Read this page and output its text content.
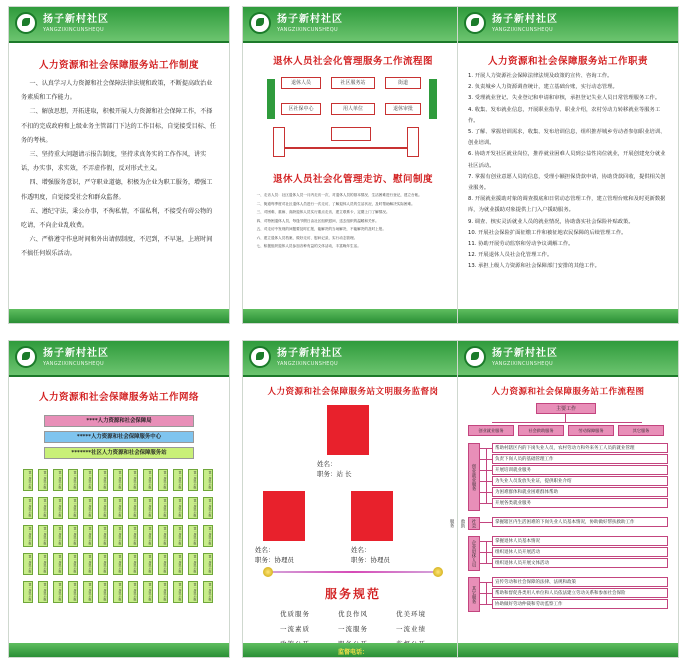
扬子新村社区
YANGZIXINCUNSHEQU
人力资源和社会保障服务站工作制度

一、认真学习人力资源和社会保障法律法规和政策，不断提高政治业务素质和工作能力。

二、解放思想，开拓进取，积极开展人力资源和社会保障工作，不择不扣的完成政府和上级业务主管部门下达的工作目标，自觉接受目标、任务的考核。

三、坚持重大问题请示报告制度，坚持求真务实的工作作风，讲实话，办实事，求实效，不弄虚作假，反对形式主义。

四、增强服务意识，严守职业道德，积极为企业为职工服务，增强工作透明度，自觉接受社会和群众监督。

五、遵纪守法，秉公办事，不徇私情，不谋私利，不接受有碍公物的吃请，不向企业乱收费。

六、严格遵守作息时间和外出请假制度，不迟到，不早退，上班时间不搞任何娱乐活动。

扬子新村社区
YANGZIXINCUNSHEQU
退休人员社会化管理服务工作流程图
退休人员	社区服务站	街道
区社保中心	用人单位	退休审批
退休人员社会化管理走访、慰问制度

一、走访人员：社区退休人员一月内走访一次，对退休人员的基本情况、生活困难进行登记，建立台帐。

二、街道每季度对社区退休人员进行一次走访，了解退休人员的生活状况，及时帮助解决实际困难。

三、对困难、重病、高龄退休人员实行重点走访，建立联系卡，定期上门了解情况。

四、对特困退休人员，每逢节假日由社区组织慰问，送去组织的温暖和关怀。

五、对走访中发现的问题要及时汇报，能解决的当场解决，不能解决的及时上报。

六、建立退休人员档案，做好走访、慰问记录，实行动态管理。

七、积极组织退休人员参加各种有益的文体活动，丰富晚年生活。

扬子新村社区
YANGZIXINCUNSHEQU
人力资源和社会保障服务站工作职责

1. 开展人力资源社会保障法律法规及政策的宣传、咨询工作。

2. 负责城乡人力资源调查统计，建立基础台账，实行动态管理。

3. 受理就业登记、失业登记和申请和审核，承担登记失业人员日常管理服务工作。

4. 收集、发布就业信息，开展职业指导、职业介绍，农村劳动力转移就业等服务工作。

5. 了解、掌握培训需求，收集、发布培训信息，组织推荐城乡劳动者参加职业培训、创业培训。

6. 协助开发社区就业岗位，推荐就业困难人员到公益性岗位就业，开展创建充分就业社区活动。

7. 掌握有创业意愿人员的信息，受理小额担保贷款申请，协助贷款回收，提供相关创业服务。

8. 开展就业援助对象的调查摸底和日常动态管理工作，建立管理台账和及时更新数据库，为就业援助对象提供上门入户援助服务。

9. 调查、核实灵活就业人员的就业情况，协助落实社会保险补贴政策。

10. 开展社会保险扩面征缴工作和被征地农民保障的后续管理工作。

11. 协助开展劳动监察和劳动争议调解工作。

12. 开展退休人员社会化管理工作。

13. 承担上级人力资源和社会保障部门安排的其他工作。

扬子新村社区
YANGZIXINCUNSHEQU
人力资源和社会保障服务站工作网络
****人力资源和社会保障局
*****人力资源和社会保障服务中心
*******社区人力资源和社会保障服务站
第一居民小组
第一居民小组
第一居民小组
第一居民小组
第一居民小组
第一居民小组
第一居民小组
第一居民小组
第一居民小组
第一居民小组
第一居民小组
第一居民小组
第一居民小组
第一居民小组
第一居民小组
第一居民小组
第一居民小组
第一居民小组
第一居民小组
第一居民小组
第一居民小组
第一居民小组
第一居民小组
第一居民小组
第一居民小组
第一居民小组
第一居民小组
第一居民小组
第一居民小组
第一居民小组
第一居民小组
第一居民小组
第一居民小组
第一居民小组
第一居民小组
第一居民小组
第一居民小组
第一居民小组
第一居民小组
第一居民小组
第一居民小组
第一居民小组
第一居民小组
第一居民小组
第一居民小组
第一居民小组
第一居民小组
第一居民小组
第一居民小组
第一居民小组
第一居民小组
第一居民小组
第一居民小组
第一居民小组
第一居民小组
第一居民小组
第一居民小组
第一居民小组
第一居民小组
第一居民小组
第一居民小组
第一居民小组
第一居民小组
第一居民小组
第一居民小组
扬子新村社区
YANGZIXINCUNSHEQU
人力资源和社会保障服务站文明服务监督岗
姓名：
职务：站 长
姓名：
职务：协理员
姓名：
职务：协理员
服务规范
优质服务	优良作风	优美环境
一流素质	一流服务	一流业绩
监督电话：
扬子新村社区
YANGZIXINCUNSHEQU
人力资源和社会保障服务站工作流程图
主要工作
创业就业服务	社会救助服务	劳动保障服务	其它服务
创业就业服务
帮助村辖区内的下岗失业人员，农村劳动力和外来务工人员的就业管理
负责下岗人员的基础管理工作
开展培训就业服务
为失业人员发放失业证，提供职业介绍
为困难群体和就业困难群体帮助
开展各类就业服务
社会救助服务	掌握辖区内生活困难的下岗失业人员基本情况，协助做好帮扶救助工作
企业退休人员	掌握退休人员基本情况
组织退休人员开展活动
组织退休人员开展文体活动
其它服务
宣传劳动和社会保障的法律、法规和政策
帮助和督促各类用人单位和人员依法建立劳动关系和参加社会保险
协助做好劳动仲裁和劳动监察工作
